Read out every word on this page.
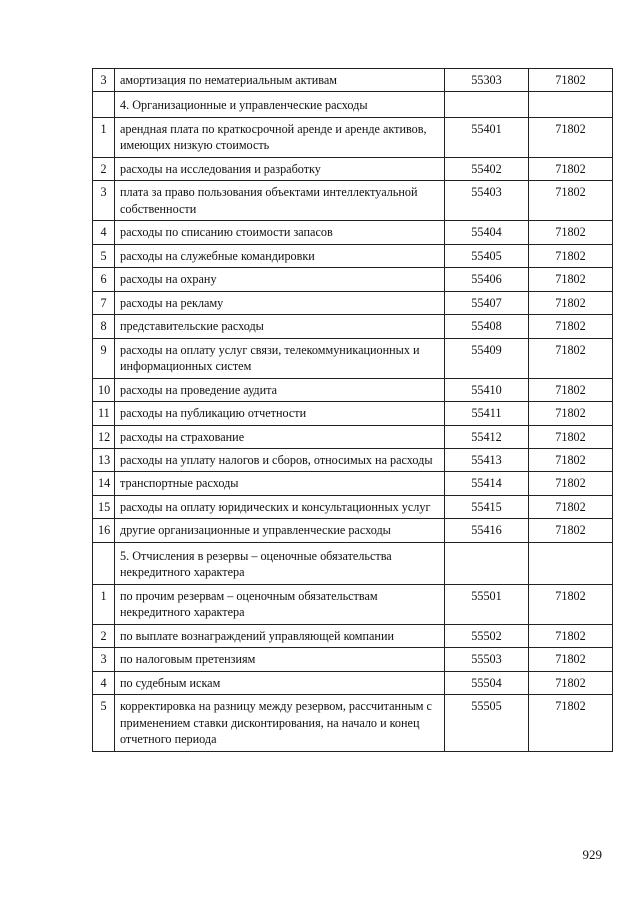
3	амортизация по нематериальным активам	55303	71802
	4. Организационные и управленческие расходы		
1	арендная плата по краткосрочной аренде и аренде активов, имеющих низкую стоимость	55401	71802
2	расходы на исследования и разработку	55402	71802
3	плата за право пользования объектами интеллектуальной собственности	55403	71802
4	расходы по списанию стоимости запасов	55404	71802
5	расходы на служебные командировки	55405	71802
6	расходы на охрану	55406	71802
7	расходы на рекламу	55407	71802
8	представительские расходы	55408	71802
9	расходы на оплату услуг связи, телекоммуникационных и информационных систем	55409	71802
10	расходы на проведение аудита	55410	71802
11	расходы на публикацию отчетности	55411	71802
12	расходы на страхование	55412	71802
13	расходы на уплату налогов и сборов, относимых на расходы	55413	71802
14	транспортные расходы	55414	71802
15	расходы на оплату юридических и консультационных услуг	55415	71802
16	другие организационные и управленческие расходы	55416	71802
	5. Отчисления в резервы – оценочные обязательства некредитного характера		
1	по прочим резервам – оценочным обязательствам некредитного характера	55501	71802
2	по выплате вознаграждений управляющей компании	55502	71802
3	по налоговым претензиям	55503	71802
4	по судебным искам	55504	71802
5	корректировка на разницу между резервом, рассчитанным с применением ставки дисконтирования, на начало и конец отчетного периода	55505	71802
929
